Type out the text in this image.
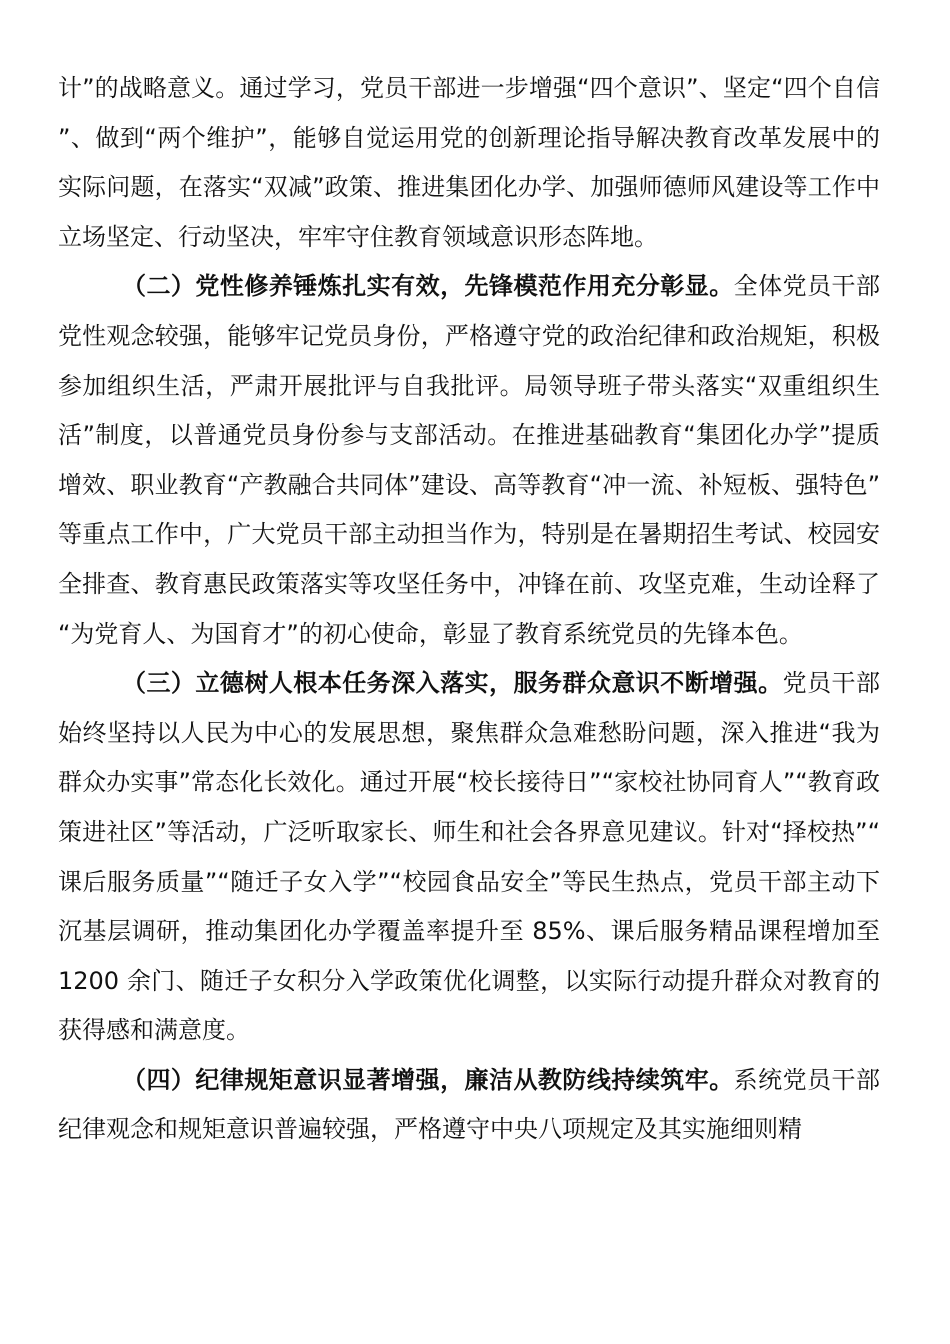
计”的战略意义。通过学习，党员干部进一步增强“四个意识”、坚定“四个自信”、做到“两个维护”，能够自觉运用党的创新理论指导解决教育改革发展中的实际问题，在落实“双减”政策、推进集团化办学、加强师德师风建设等工作中立场坚定、行动坚决，牢牢守住教育领域意识形态阵地。

（二）党性修养锤炼扎实有效，先锋模范作用充分彰显。全体党员干部党性观念较强，能够牢记党员身份，严格遵守党的政治纪律和政治规矩，积极参加组织生活，严肃开展批评与自我批评。局领导班子带头落实“双重组织生活”制度，以普通党员身份参与支部活动。在推进基础教育“集团化办学”提质增效、职业教育“产教融合共同体”建设、高等教育“冲一流、补短板、强特色”等重点工作中，广大党员干部主动担当作为，特别是在暑期招生考试、校园安全排查、教育惠民政策落实等攻坚任务中，冲锋在前、攻坚克难，生动诠释了“为党育人、为国育才”的初心使命，彰显了教育系统党员的先锋本色。

（三）立德树人根本任务深入落实，服务群众意识不断增强。党员干部始终坚持以人民为中心的发展思想，聚焦群众急难愁盼问题，深入推进“我为群众办实事”常态化长效化。通过开展“校长接待日”“家校社协同育人”“教育政策进社区”等活动，广泛听取家长、师生和社会各界意见建议。针对“择校热”“课后服务质量”“随迁子女入学”“校园食品安全”等民生热点，党员干部主动下沉基层调研，推动集团化办学覆盖率提升至 85%、课后服务精品课程增加至 1200 余门、随迁子女积分入学政策优化调整，以实际行动提升群众对教育的获得感和满意度。

（四）纪律规矩意识显著增强，廉洁从教防线持续筑牢。系统党员干部纪律观念和规矩意识普遍较强，严格遵守中央八项规定及其实施细则精
